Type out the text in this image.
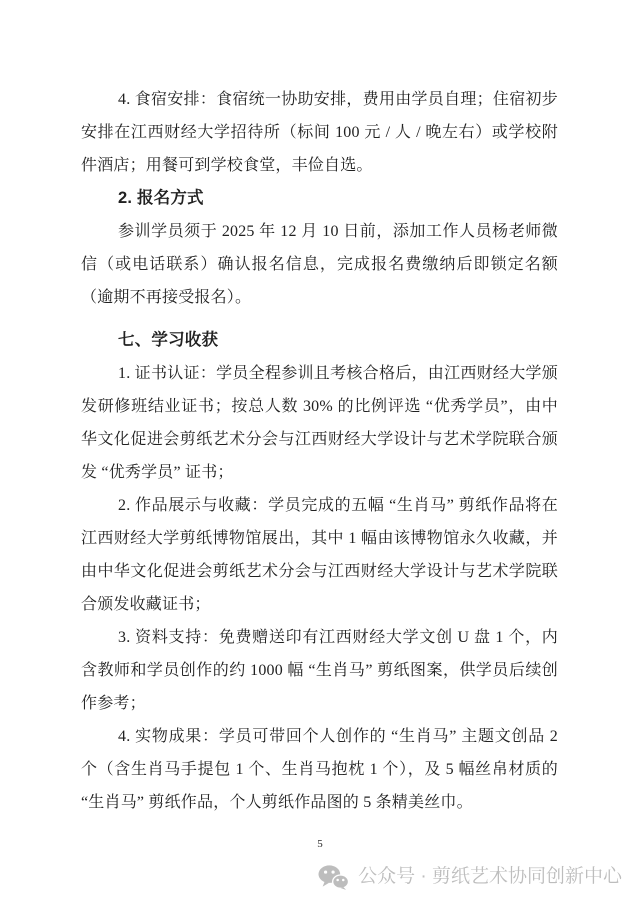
4. 食宿安排：食宿统一协助安排，费用由学员自理；住宿初步安排在江西财经大学招待所（标间 100 元 / 人 / 晚左右）或学校附件酒店；用餐可到学校食堂，丰俭自选。

2. 报名方式

参训学员须于 2025 年 12 月 10 日前，添加工作人员杨老师微信（或电话联系）确认报名信息，完成报名费缴纳后即锁定名额（逾期不再接受报名）。

七、学习收获

1. 证书认证：学员全程参训且考核合格后，由江西财经大学颁发研修班结业证书；按总人数 30% 的比例评选 “优秀学员”，由中华文化促进会剪纸艺术分会与江西财经大学设计与艺术学院联合颁发 “优秀学员” 证书；

2. 作品展示与收藏：学员完成的五幅 “生肖马” 剪纸作品将在江西财经大学剪纸博物馆展出，其中 1 幅由该博物馆永久收藏，并由中华文化促进会剪纸艺术分会与江西财经大学设计与艺术学院联合颁发收藏证书；

3. 资料支持：免费赠送印有江西财经大学文创 U 盘 1 个，内含教师和学员创作的约 1000 幅 “生肖马” 剪纸图案，供学员后续创作参考；

4. 实物成果：学员可带回个人创作的 “生肖马” 主题文创品 2 个（含生肖马手提包 1 个、生肖马抱枕 1 个），及 5 幅丝帛材质的 “生肖马” 剪纸作品，个人剪纸作品图的 5 条精美丝巾。

5
公众号 · 剪纸艺术协同创新中心
